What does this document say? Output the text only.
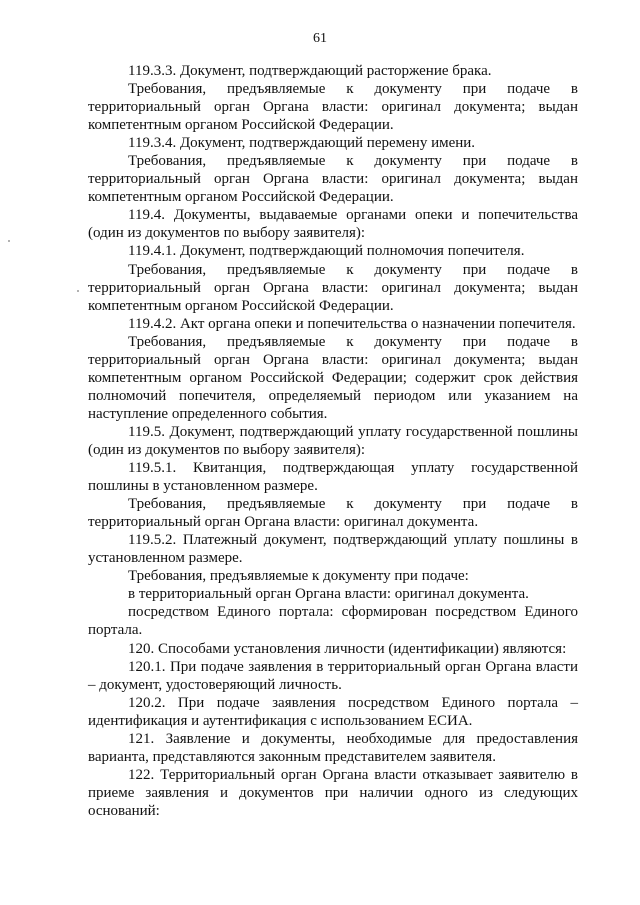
61

119.3.3. Документ, подтверждающий расторжение брака.

Требования, предъявляемые к документу при подаче в территориальный орган Органа власти: оригинал документа; выдан компетентным органом Российской Федерации.

119.3.4. Документ, подтверждающий перемену имени.

Требования, предъявляемые к документу при подаче в территориальный орган Органа власти: оригинал документа; выдан компетентным органом Российской Федерации.

119.4. Документы, выдаваемые органами опеки и попечительства (один из документов по выбору заявителя):

119.4.1. Документ, подтверждающий полномочия попечителя.

Требования, предъявляемые к документу при подаче в территориальный орган Органа власти: оригинал документа; выдан компетентным органом Российской Федерации.

119.4.2. Акт органа опеки и попечительства о назначении попечителя.

Требования, предъявляемые к документу при подаче в территориальный орган Органа власти: оригинал документа; выдан компетентным органом Российской Федерации; содержит срок действия полномочий попечителя, определяемый периодом или указанием на наступление определенного события.

119.5. Документ, подтверждающий уплату государственной пошлины (один из документов по выбору заявителя):

119.5.1. Квитанция, подтверждающая уплату государственной пошлины в установленном размере.

Требования, предъявляемые к документу при подаче в территориальный орган Органа власти: оригинал документа.

119.5.2. Платежный документ, подтверждающий уплату пошлины в установленном размере.

Требования, предъявляемые к документу при подаче:

в территориальный орган Органа власти: оригинал документа.

посредством Единого портала: сформирован посредством Единого портала.

120. Способами установления личности (идентификации) являются:

120.1. При подаче заявления в территориальный орган Органа власти – документ, удостоверяющий личность.

120.2. При подаче заявления посредством Единого портала – идентификация и аутентификация с использованием ЕСИА.

121. Заявление и документы, необходимые для предоставления варианта, представляются законным представителем заявителя.

122. Территориальный орган Органа власти отказывает заявителю в приеме заявления и документов при наличии одного из следующих оснований:
